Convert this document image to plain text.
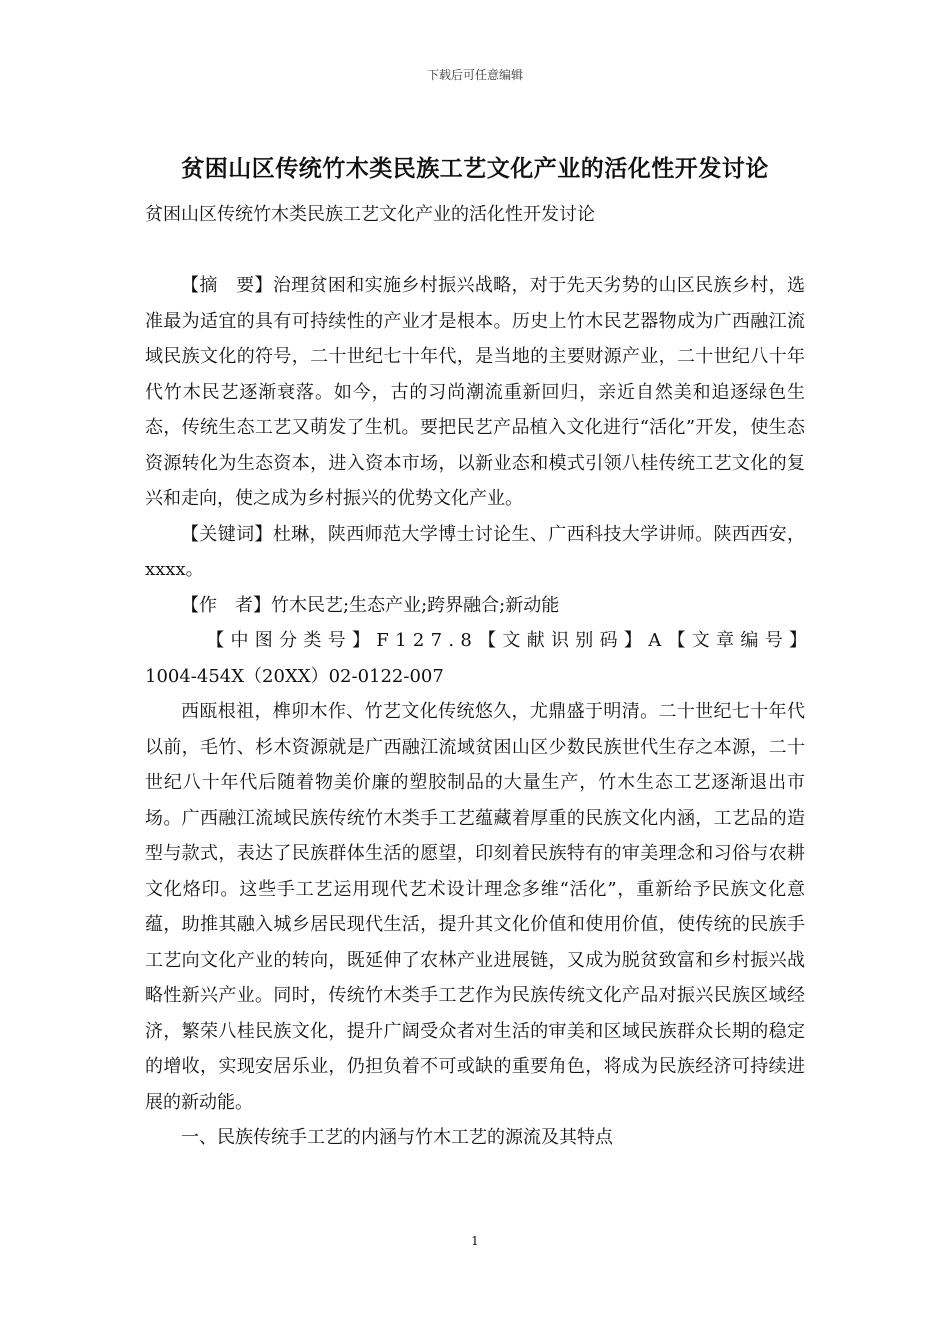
下载后可任意编辑
贫困山区传统竹木类民族工艺文化产业的活化性开发讨论
贫困山区传统竹木类民族工艺文化产业的活化性开发讨论

【摘　要】治理贫困和实施乡村振兴战略，对于先天劣势的山区民族乡村，选准最为适宜的具有可持续性的产业才是根本。历史上竹木民艺器物成为广西融江流域民族文化的符号，二十世纪七十年代，是当地的主要财源产业，二十世纪八十年代竹木民艺逐渐衰落。如今，古的习尚潮流重新回归，亲近自然美和追逐绿色生态，传统生态工艺又萌发了生机。要把民艺产品植入文化进行“活化”开发，使生态资源转化为生态资本，进入资本市场，以新业态和模式引领八桂传统工艺文化的复兴和走向，使之成为乡村振兴的优势文化产业。

【关键词】杜琳，陕西师范大学博士讨论生、广西科技大学讲师。陕西西安，xxxx。

【作　者】竹木民艺;生态产业;跨界融合;新动能

【中图分类号】F127.8【文献识别码】A【文章编号】1004-454X（20XX）02-0122-007

西瓯根祖，榫卯木作、竹艺文化传统悠久，尤鼎盛于明清。二十世纪七十年代以前，毛竹、杉木资源就是广西融江流域贫困山区少数民族世代生存之本源，二十世纪八十年代后随着物美价廉的塑胶制品的大量生产，竹木生态工艺逐渐退出市场。广西融江流域民族传统竹木类手工艺蕴藏着厚重的民族文化内涵，工艺品的造型与款式，表达了民族群体生活的愿望，印刻着民族特有的审美理念和习俗与农耕文化烙印。这些手工艺运用现代艺术设计理念多维“活化”，重新给予民族文化意蕴，助推其融入城乡居民现代生活，提升其文化价值和使用价值，使传统的民族手工艺向文化产业的转向，既延伸了农林产业进展链，又成为脱贫致富和乡村振兴战略性新兴产业。同时，传统竹木类手工艺作为民族传统文化产品对振兴民族区域经济，繁荣八桂民族文化，提升广阔受众者对生活的审美和区域民族群众长期的稳定的增收，实现安居乐业，仍担负着不可或缺的重要角色，将成为民族经济可持续进展的新动能。

一、民族传统手工艺的内涵与竹木工艺的源流及其特点

1
